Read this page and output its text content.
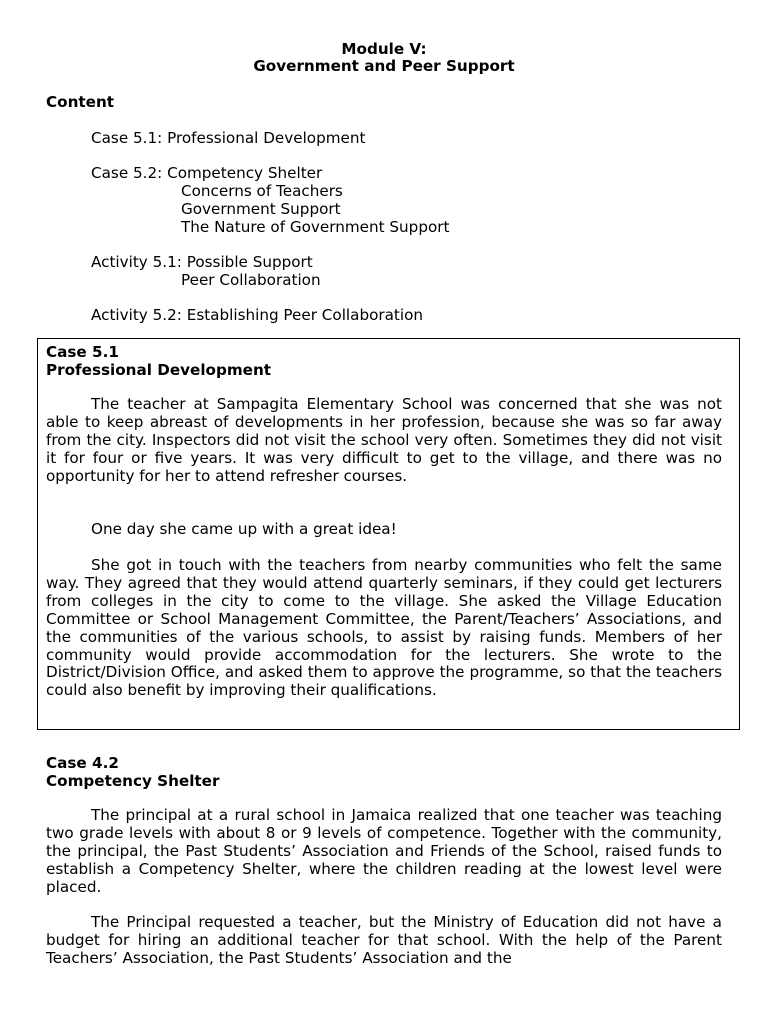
Module V:
Government and Peer Support
Content
Case 5.1: Professional Development
Case 5.2: Competency Shelter
Concerns of Teachers
Government Support
The Nature of Government Support
Activity 5.1: Possible Support
Peer Collaboration
Activity 5.2: Establishing Peer Collaboration
Case 5.1
Professional Development

The teacher at Sampagita Elementary School was concerned that she was not able to keep abreast of developments in her profession, because she was so far away from the city. Inspectors did not visit the school very often. Sometimes they did not visit it for four or five years. It was very difficult to get to the village, and there was no opportunity for her to attend refresher courses.

One day she came up with a great idea!

She got in touch with the teachers from nearby communities who felt the same way. They agreed that they would attend quarterly seminars, if they could get lecturers from colleges in the city to come to the village. She asked the Village Education Committee or School Management Committee, the Parent/Teachers’ Associations, and the communities of the various schools, to assist by raising funds. Members of her community would provide accommodation for the lecturers. She wrote to the District/Division Office, and asked them to approve the programme, so that the teachers could also benefit by improving their qualifications.

Case 4.2
Competency Shelter

The principal at a rural school in Jamaica realized that one teacher was teaching two grade levels with about 8 or 9 levels of competence. Together with the community, the principal, the Past Students’ Association and Friends of the School, raised funds to establish a Competency Shelter, where the children reading at the lowest level were placed.

The Principal requested a teacher, but the Ministry of Education did not have a budget for hiring an additional teacher for that school. With the help of the Parent Teachers’ Association, the Past Students’ Association and the
